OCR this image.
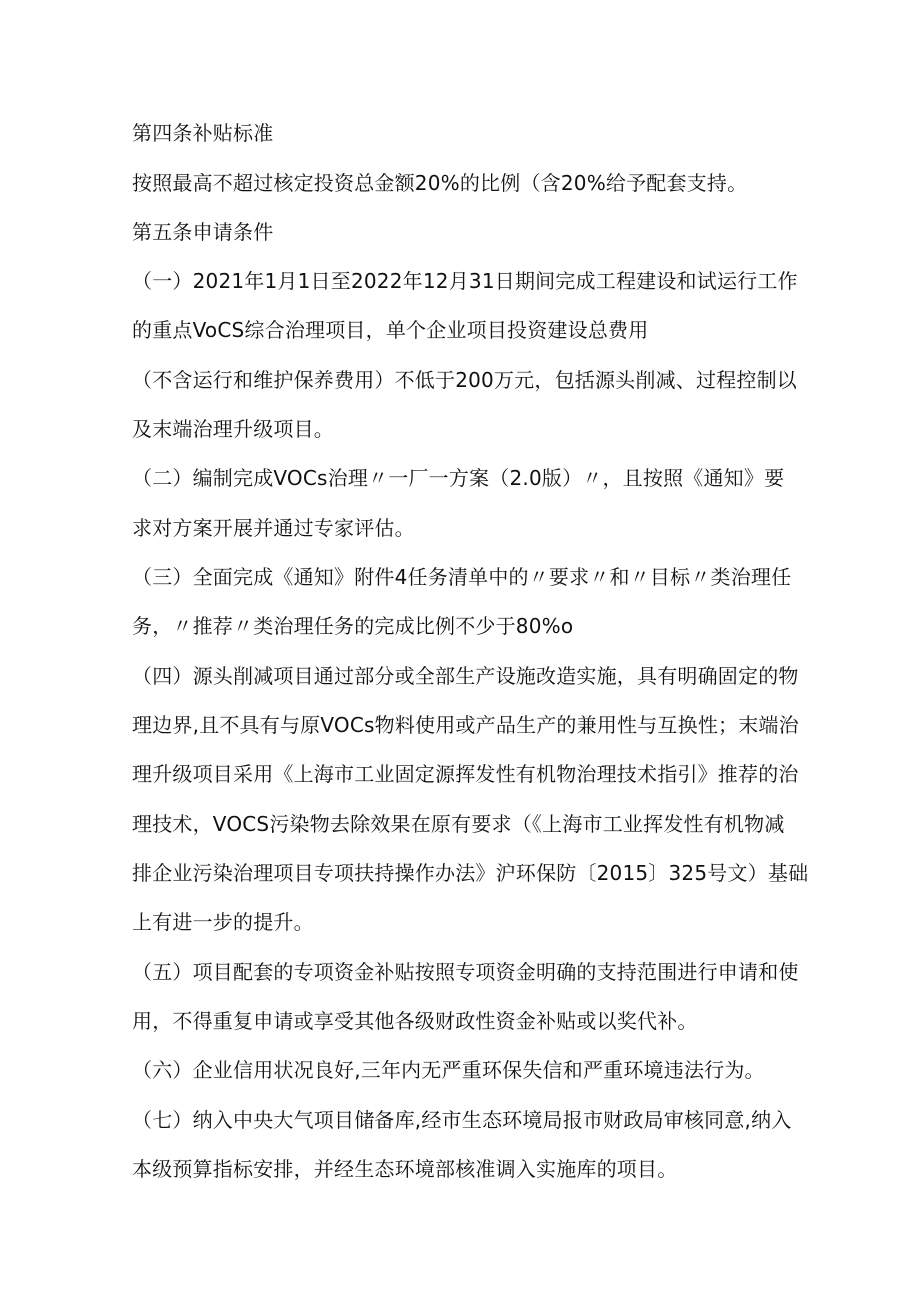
第四条补贴标准
按照最高不超过核定投资总金额20%的比例（含20%给予配套支持。
第五条申请条件
（一）2021年1月1日至2022年12月31日期间完成工程建设和试运行工作
的重点VoCS综合治理项目，单个企业项目投资建设总费用
（不含运行和维护保养费用）不低于200万元，包括源头削减、过程控制以
及末端治理升级项目。
（二）编制完成VOCs治理〃一厂一方案（2.0版）〃，且按照《通知》要
求对方案开展并通过专家评估。
（三）全面完成《通知》附件4任务清单中的〃要求〃和〃目标〃类治理任
务，〃推荐〃类治理任务的完成比例不少于80%o
（四）源头削减项目通过部分或全部生产设施改造实施，具有明确固定的物
理边界,且不具有与原VOCs物料使用或产品生产的兼用性与互换性；末端治
理升级项目采用《上海市工业固定源挥发性有机物治理技术指引》推荐的治
理技术，VOCS污染物去除效果在原有要求（《上海市工业挥发性有机物减
排企业污染治理项目专项扶持操作办法》沪环保防〔2015〕325号文）基础
上有进一步的提升。
（五）项目配套的专项资金补贴按照专项资金明确的支持范围进行申请和使
用，不得重复申请或享受其他各级财政性资金补贴或以奖代补。
（六）企业信用状况良好,三年内无严重环保失信和严重环境违法行为。
（七）纳入中央大气项目储备库,经市生态环境局报市财政局审核同意,纳入
本级预算指标安排，并经生态环境部核准调入实施库的项目。
